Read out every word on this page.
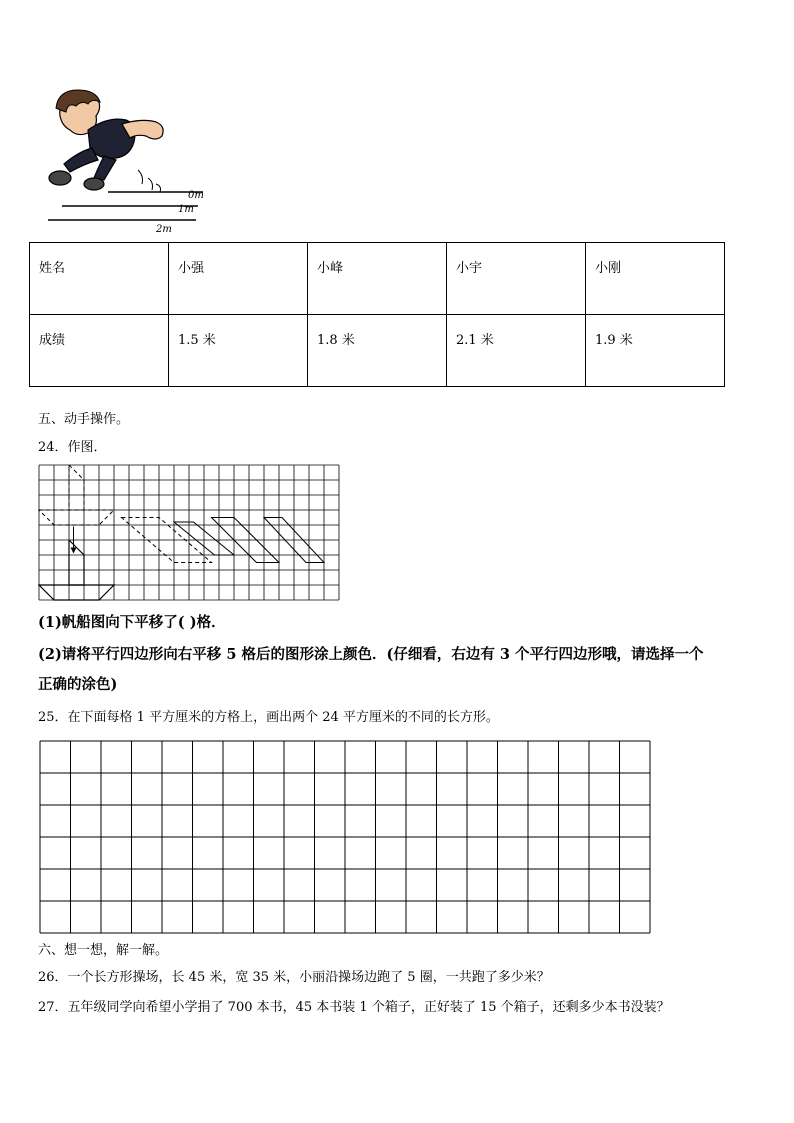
0m
1m
2m
姓名	小强	小峰	小宇	小刚

成绩	1.5 米	1.8 米	2.1 米	1.9 米
五、动手操作。
24．作图．
(1)帆船图向下平移了( )格．
(2)请将平行四边形向右平移 5 格后的图形涂上颜色．(仔细看，右边有 3 个平行四边形哦，请选择一个
正确的涂色)
25．在下面每格 1 平方厘米的方格上，画出两个 24 平方厘米的不同的长方形。
六、想一想，解一解。
26．一个长方形操场，长 45 米，宽 35 米，小丽沿操场边跑了 5 圈，一共跑了多少米？
27．五年级同学向希望小学捐了 700 本书，45 本书装 1 个箱子，正好装了 15 个箱子，还剩多少本书没装？
